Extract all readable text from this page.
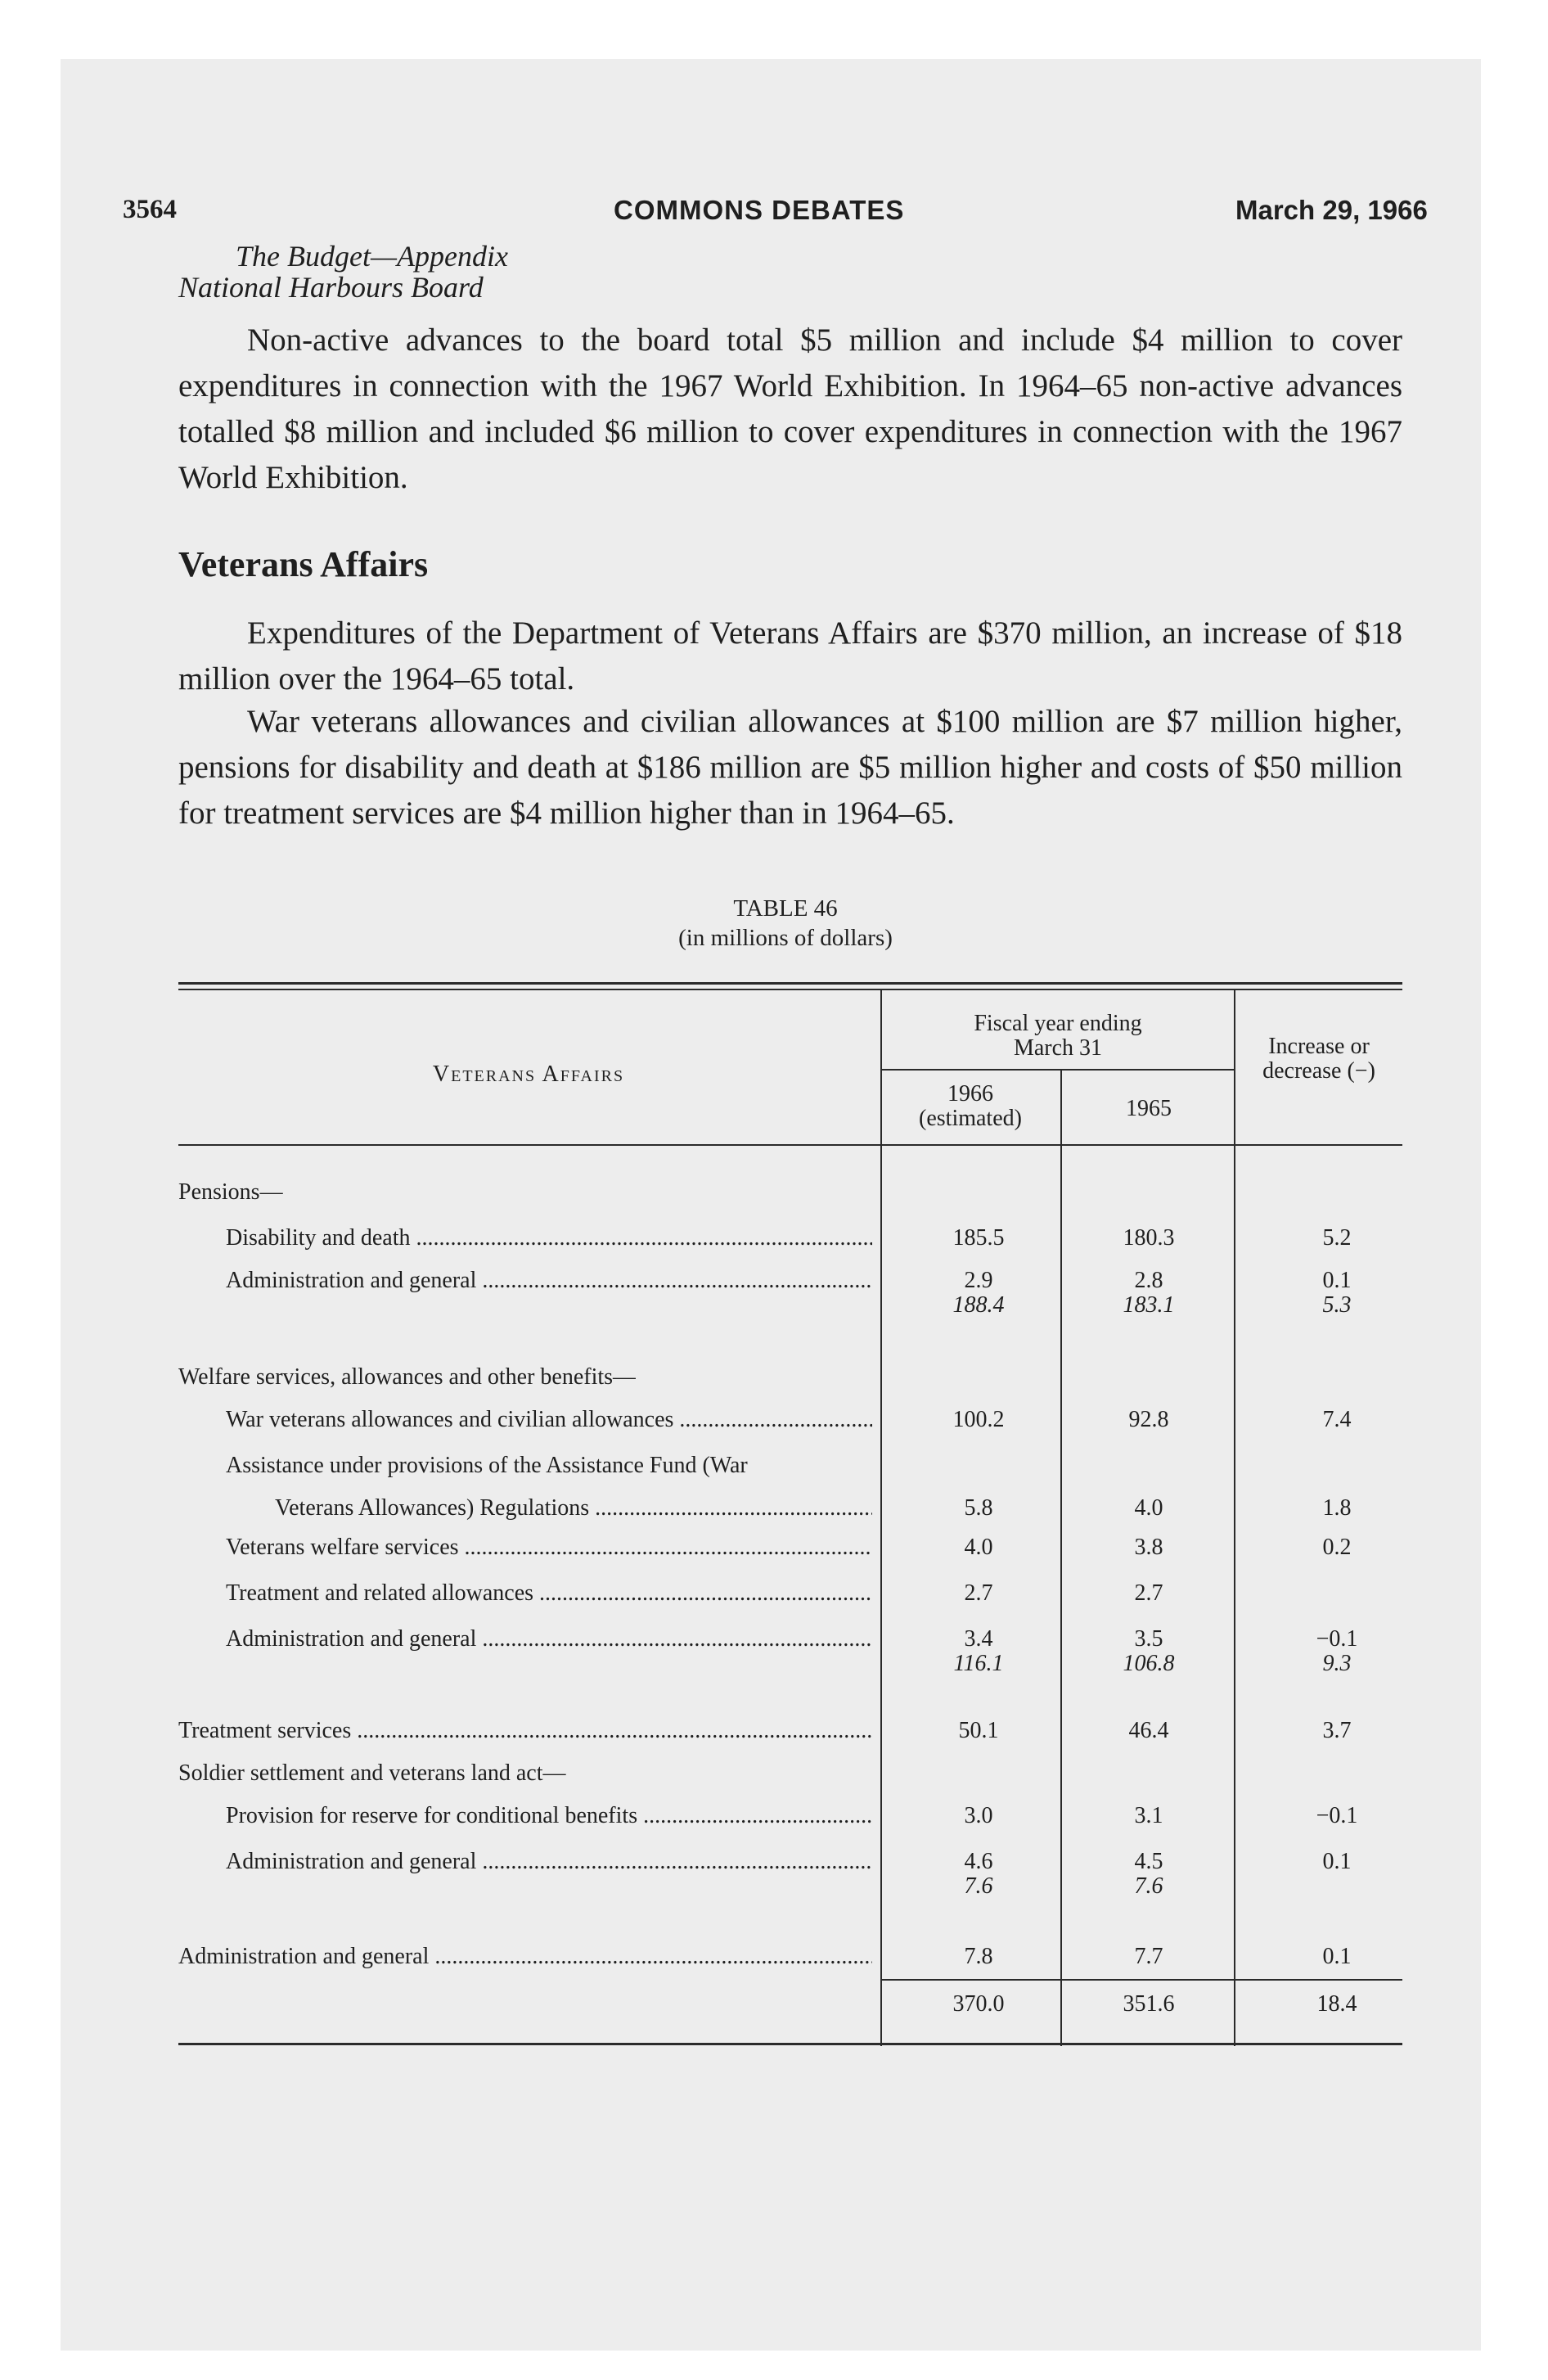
3564	COMMONS DEBATES	March 29, 1966
The Budget—Appendix
National Harbours Board

Non-active advances to the board total $5 million and include $4 million to cover expenditures in connection with the 1967 World Exhibition. In 1964–65 non-active advances totalled $8 million and included $6 million to cover expenditures in connection with the 1967 World Exhibition.

Veterans Affairs

Expenditures of the Department of Veterans Affairs are $370 million, an increase of $18 million over the 1964–65 total.

War veterans allowances and civilian allowances at $100 million are $7 million higher, pensions for disability and death at $186 million are $5 million higher and costs of $50 million for treatment services are $4 million higher than in 1964–65.

TABLE 46
(in millions of dollars)
Veterans Affairs
Fiscal year ending March 31
1966 (estimated)	1965
Increase or decrease (−)
Pensions—
Disability and death .....	185.5	180.3	5.2
Administration and general .....	2.9	2.8	0.1
188.4	183.1	5.3
Welfare services, allowances and other benefits—
War veterans allowances and civilian allowances .....	100.2	92.8	7.4
Assistance under provisions of the Assistance Fund (War
Veterans Allowances) Regulations .....	5.8	4.0	1.8
Veterans welfare services .....	4.0	3.8	0.2
Treatment and related allowances .....	2.7	2.7
Administration and general .....	3.4	3.5	−0.1
116.1	106.8	9.3
Treatment services .....	50.1	46.4	3.7
Soldier settlement and veterans land act—
Provision for reserve for conditional benefits .....	3.0	3.1	−0.1
Administration and general .....	4.6	4.5	0.1
7.6	7.6
Administration and general .....	7.8	7.7	0.1
370.0	351.6	18.4
